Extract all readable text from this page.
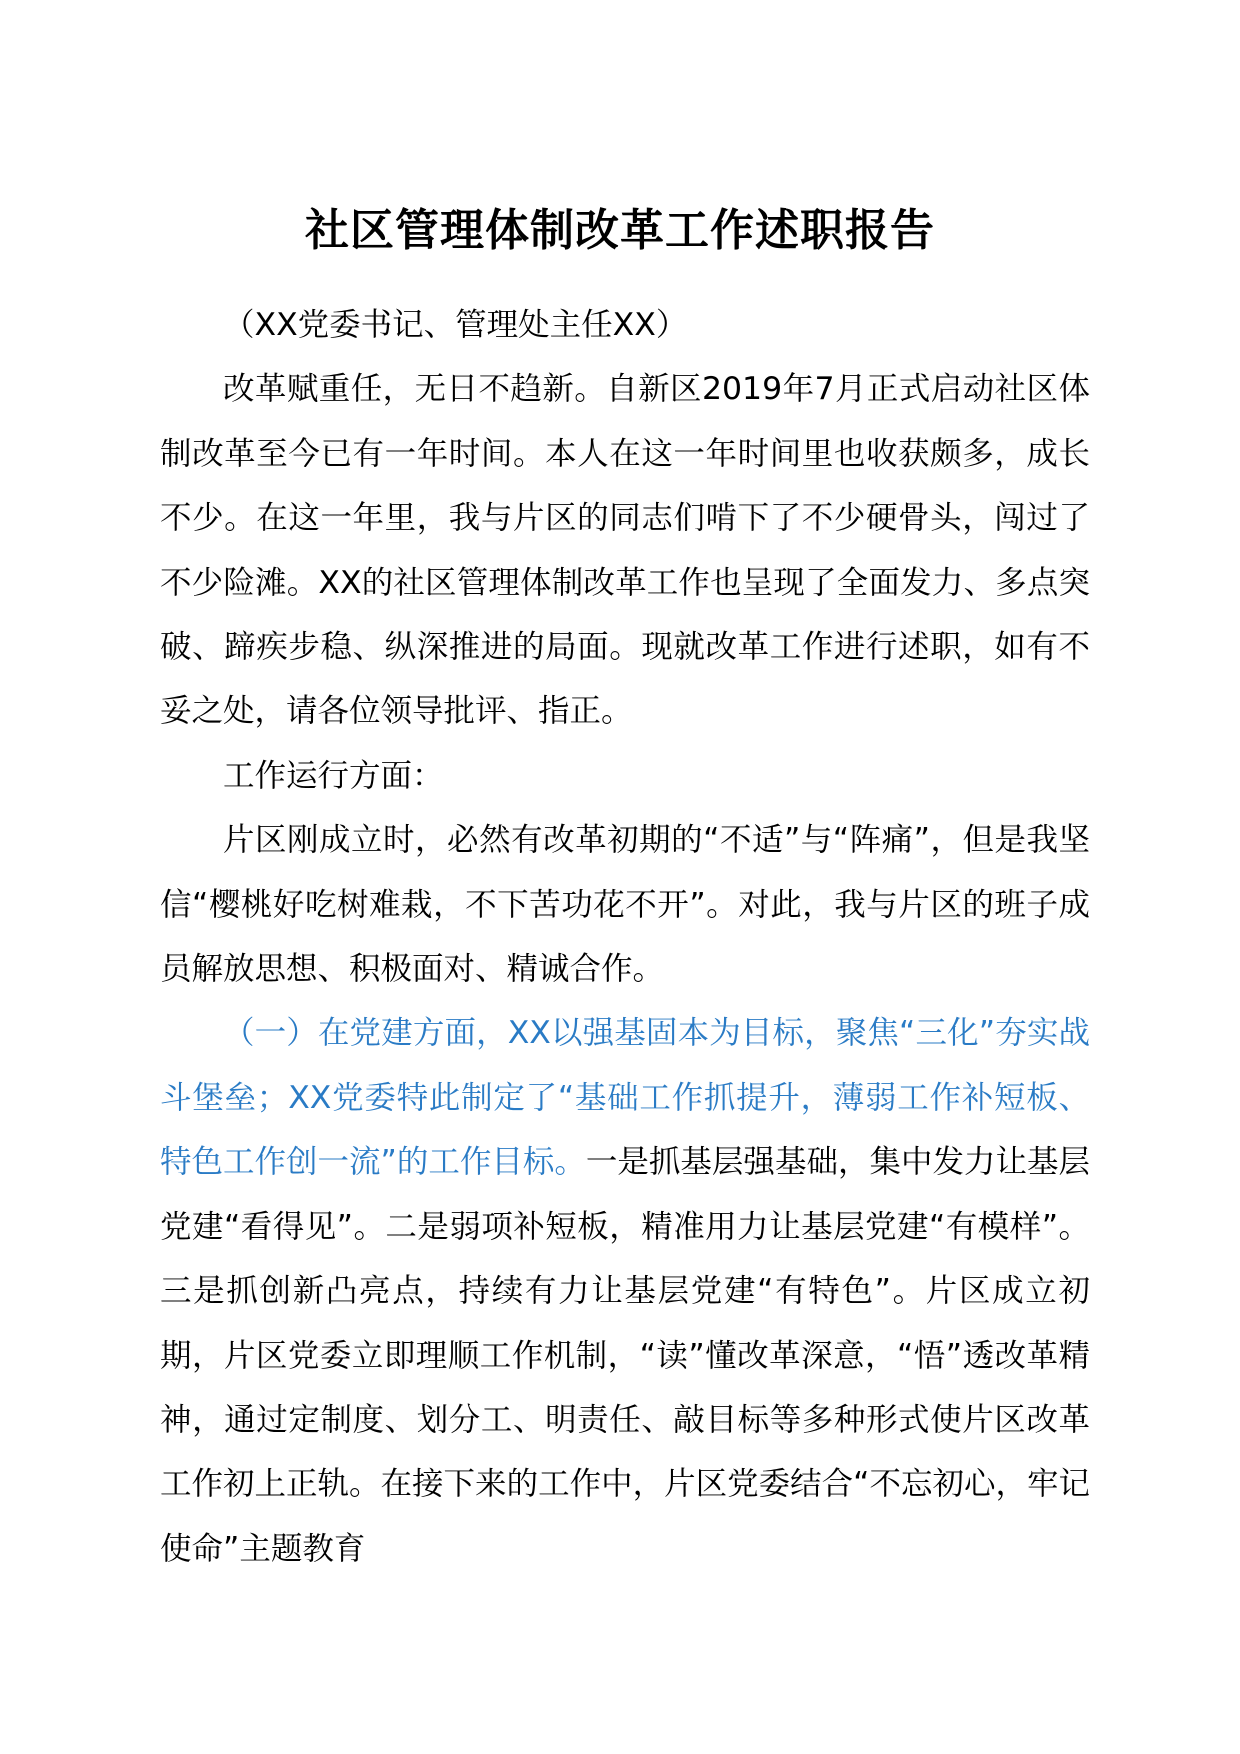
社区管理体制改革工作述职报告

（XX党委书记、管理处主任XX）

改革赋重任，无日不趋新。自新区2019年7月正式启动社区体制改革至今已有一年时间。本人在这一年时间里也收获颇多，成长不少。在这一年里，我与片区的同志们啃下了不少硬骨头，闯过了不少险滩。XX的社区管理体制改革工作也呈现了全面发力、多点突破、蹄疾步稳、纵深推进的局面。现就改革工作进行述职，如有不妥之处，请各位领导批评、指正。

工作运行方面：

片区刚成立时，必然有改革初期的“不适”与“阵痛”，但是我坚信“樱桃好吃树难栽，不下苦功花不开”。对此，我与片区的班子成员解放思想、积极面对、精诚合作。

（一）在党建方面，XX以强基固本为目标，聚焦“三化”夯实战斗堡垒；XX党委特此制定了“基础工作抓提升，薄弱工作补短板、特色工作创一流”的工作目标。一是抓基层强基础，集中发力让基层党建“看得见”。二是弱项补短板，精准用力让基层党建“有模样”。三是抓创新凸亮点，持续有力让基层党建“有特色”。片区成立初期，片区党委立即理顺工作机制，“读”懂改革深意，“悟”透改革精神，通过定制度、划分工、明责任、敲目标等多种形式使片区改革工作初上正轨。在接下来的工作中，片区党委结合“不忘初心，牢记使命”主题教育
